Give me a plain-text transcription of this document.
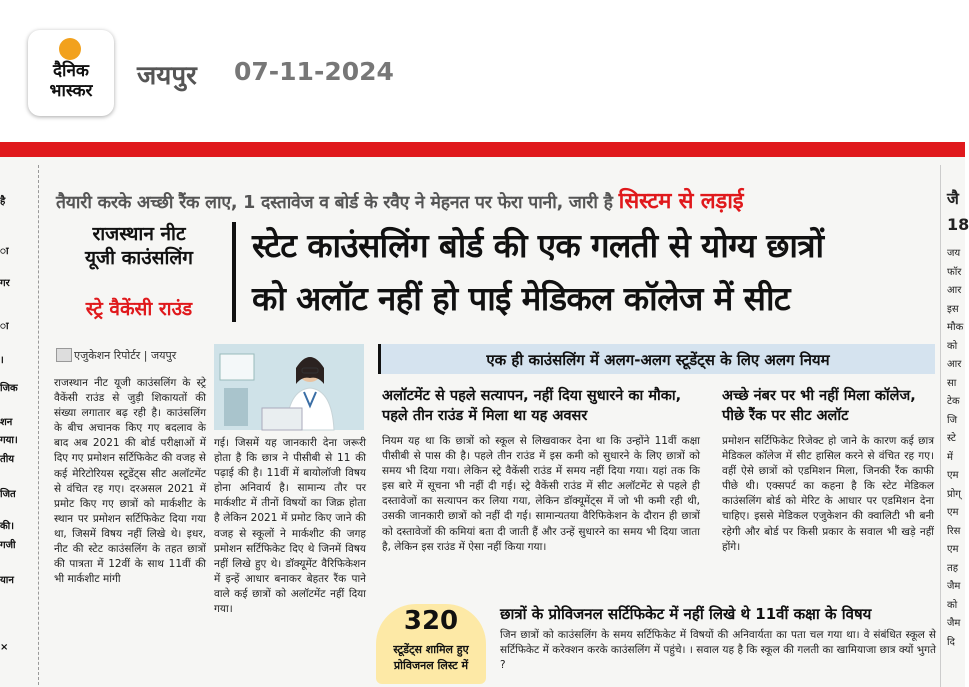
दैनिक
भास्कर	जयपुर 07-11-2024
है
ा
गर
ा
।
जिक
शन
गया।
तीय
जित
की।
गजी
यान
×
तैयारी करके अच्छी रैंक लाए, 1 दस्तावेज व बोर्ड के रवैए ने मेहनत पर फेरा पानी, जारी है सिस्टम से लड़ाई
राजस्थान नीट
यूजी काउंसलिंग
स्ट्रे वैकेंसी राउंड
स्टेट काउंसलिंग बोर्ड की एक गलती से योग्य छात्रों
को अलॉट नहीं हो पाई मेडिकल कॉलेज में सीट
एजुकेशन रिपोर्टर | जयपुर
राजस्थान नीट यूजी काउंसलिंग के स्ट्रे वैकेंसी राउंड से जुड़ी शिकायतों की संख्या लगातार बढ़ रही है। काउंसलिंग के बीच अचानक किए गए बदलाव के बाद अब 2021 की बोर्ड परीक्षाओं में दिए गए प्रमोशन सर्टिफिकेट की वजह से कई मेरिटोरियस स्टूडेंट्स सीट अलॉटमेंट से वंचित रह गए। दरअसल 2021 में प्रमोट किए गए छात्रों को मार्कशीट के स्थान पर प्रमोशन सर्टिफिकेट दिया गया था, जिसमें विषय नहीं लिखे थे। इधर, नीट की स्टेट काउंसलिंग के तहत छात्रों की पात्रता में 12वीं के साथ 11वीं की भी मार्कशीट मांगी
गई। जिसमें यह जानकारी देना जरूरी होता है कि छात्र ने पीसीबी से 11 की पढ़ाई की है। 11वीं में बायोलॉजी विषय होना अनिवार्य है। सामान्य तौर पर मार्कशीट में तीनों विषयों का जिक्र होता है लेकिन 2021 में प्रमोट किए जाने की वजह से स्कूलों ने मार्कशीट की जगह प्रमोशन सर्टिफिकेट दिए थे जिनमें विषय नहीं लिखे हुए थे। डॉक्यूमेंट वैरिफिकेशन में इन्हें आधार बनाकर बेहतर रैंक पाने वाले कई छात्रों को अलॉटमेंट नहीं दिया गया।
एक ही काउंसलिंग में अलग-अलग स्टूडेंट्स के लिए अलग नियम
अलॉटमेंट से पहले सत्यापन, नहीं दिया सुधारने का मौका, पहले तीन राउंड में मिला था यह अवसर
नियम यह था कि छात्रों को स्कूल से लिखवाकर देना था कि उन्होंने 11वीं कक्षा पीसीबी से पास की है। पहले तीन राउंड में इस कमी को सुधारने के लिए छात्रों को समय भी दिया गया। लेकिन स्ट्रे वैकेंसी राउंड में समय नहीं दिया गया। यहां तक कि इस बारे में सूचना भी नहीं दी गई। स्ट्रे वैकेंसी राउंड में सीट अलॉटमेंट से पहले ही दस्तावेजों का सत्यापन कर लिया गया, लेकिन डॉक्यूमेंट्स में जो भी कमी रही थी, उसकी जानकारी छात्रों को नहीं दी गई। सामान्यतया वैरिफिकेशन के दौरान ही छात्रों को दस्तावेजों की कमियां बता दी जाती हैं और उन्हें सुधारने का समय भी दिया जाता है, लेकिन इस राउंड में ऐसा नहीं किया गया।
अच्छे नंबर पर भी नहीं मिला कॉलेज, पीछे रैंक पर सीट अलॉट
प्रमोशन सर्टिफिकेट रिजेक्ट हो जाने के कारण कई छात्र मेडिकल कॉलेज में सीट हासिल करने से वंचित रह गए। वहीं ऐसे छात्रों को एडमिशन मिला, जिनकी रैंक काफी पीछे थी। एक्सपर्ट का कहना है कि स्टेट मेडिकल काउंसलिंग बोर्ड को मेरिट के आधार पर एडमिशन देना चाहिए। इससे मेडिकल एजुकेशन की क्वालिटी भी बनी रहेगी और बोर्ड पर किसी प्रकार के सवाल भी खड़े नहीं होंगे।
320
स्टूडेंट्स शामिल हुए प्रोविजनल लिस्ट में
छात्रों के प्रोविजनल सर्टिफिकेट में नहीं लिखे थे 11वीं कक्षा के विषय
जिन छात्रों को काउंसलिंग के समय सर्टिफिकेट में विषयों की अनिवार्यता का पता चल गया था। वे संबंधित स्कूल से सर्टिफिकेट में करेक्शन करके काउंसलिंग में पहुंचे। । सवाल यह है कि स्कूल की गलती का खामियाजा छात्र क्यों भुगते ?
जै
18
जय
फॉर
आर
इस
मौक
को
आर
सा
टेक
जि
स्टे
में
एम
प्रोग्
एम
रिस
एम
तह
जैम
को
जैम
दि
